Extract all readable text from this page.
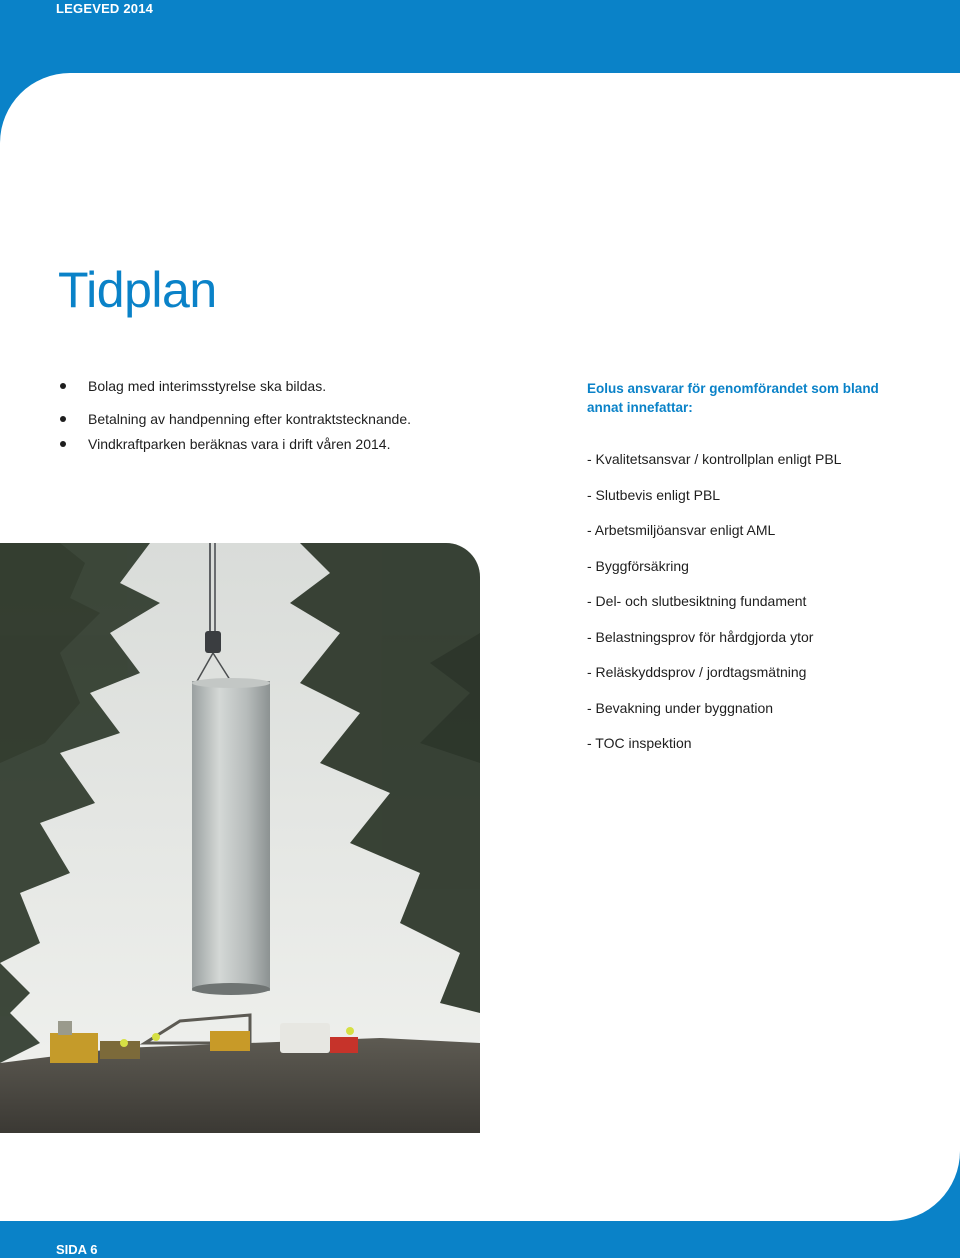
LEGEVED 2014
Tidplan
Bolag med interimsstyrelse ska bildas.
Betalning av handpenning efter kontraktstecknande.
Vindkraftparken beräknas vara i drift våren 2014.

Eolus ansvarar för genomförandet som bland annat innefattar:

- Kvalitetsansvar / kontrollplan enligt PBL
- Slutbevis enligt PBL
- Arbetsmiljöansvar enligt AML
- Byggförsäkring
- Del- och slutbesiktning fundament
- Belastningsprov för hårdgjorda ytor
- Reläskyddsprov / jordtagsmätning
- Bevakning under byggnation
- TOC inspektion
SIDA 6
